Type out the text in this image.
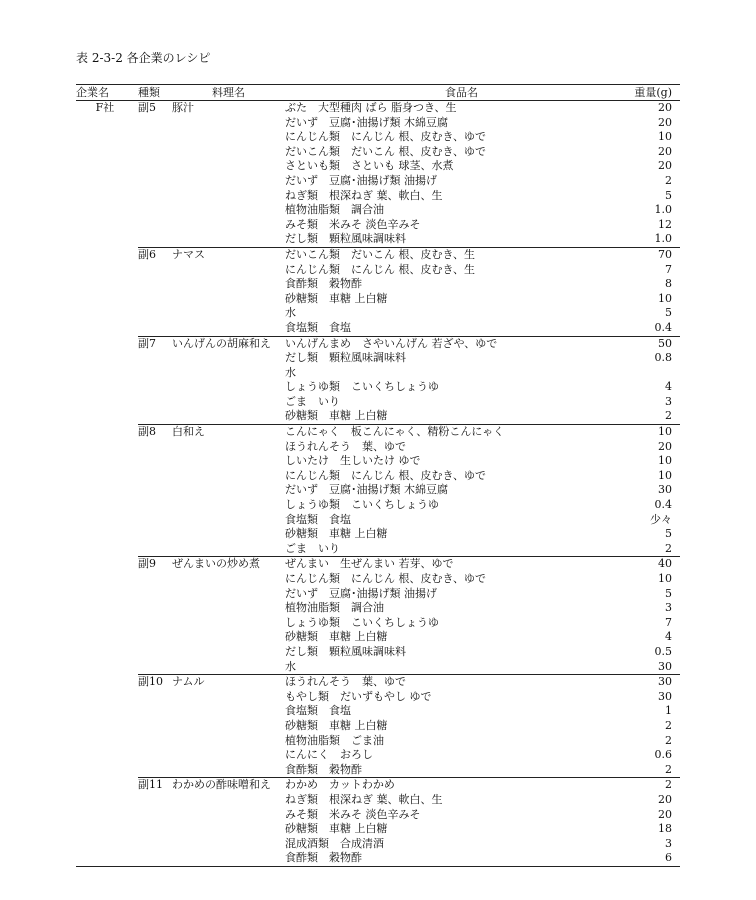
表 2-3-2 各企業のレシピ
企業名	種類	料理名	食品名	重量(g)
F社	副5	豚汁	ぶた　大型種肉 ばら 脂身つき、生	20
だいず　豆腐･油揚げ類 木綿豆腐	20
にんじん類　にんじん 根、皮むき、ゆで	10
だいこん類　だいこん 根、皮むき、ゆで	20
さといも類　さといも 球茎、水煮	20
だいず　豆腐･油揚げ類 油揚げ	2
ねぎ類　根深ねぎ 葉、軟白、生	5
植物油脂類　調合油	1.0
みそ類　米みそ 淡色辛みそ	12
だし類　顆粒風味調味料	1.0
副6	ナマス	だいこん類　だいこん 根、皮むき、生	70
にんじん類　にんじん 根、皮むき、生	7
食酢類　穀物酢	8
砂糖類　車糖 上白糖	10
水	5
食塩類　食塩	0.4
副7	いんげんの胡麻和え	いんげんまめ　さやいんげん 若ざや、ゆで	50
だし類　顆粒風味調味料	0.8
水
しょうゆ類　こいくちしょうゆ	4
ごま　いり	3
砂糖類　車糖 上白糖	2
副8	白和え	こんにゃく　板こんにゃく、精粉こんにゃく	10
ほうれんそう　葉、ゆで	20
しいたけ　生しいたけ ゆで	10
にんじん類　にんじん 根、皮むき、ゆで	10
だいず　豆腐･油揚げ類 木綿豆腐	30
しょうゆ類　こいくちしょうゆ	0.4
食塩類　食塩	少々
砂糖類　車糖 上白糖	5
ごま　いり	2
副9	ぜんまいの炒め煮	ぜんまい　生ぜんまい 若芽、ゆで	40
にんじん類　にんじん 根、皮むき、ゆで	10
だいず　豆腐･油揚げ類 油揚げ	5
植物油脂類　調合油	3
しょうゆ類　こいくちしょうゆ	7
砂糖類　車糖 上白糖	4
だし類　顆粒風味調味料	0.5
水	30
副10 ナムル	ほうれんそう　葉、ゆで	30
もやし類　だいずもやし ゆで	30
食塩類　食塩	1
砂糖類　車糖 上白糖	2
植物油脂類　ごま油	2
にんにく　おろし	0.6
食酢類　穀物酢	2
副11 わかめの酢味噌和え	わかめ　カットわかめ	2
ねぎ類　根深ねぎ 葉、軟白、生	20
みそ類　米みそ 淡色辛みそ	20
砂糖類　車糖 上白糖	18
混成酒類　合成清酒	3
食酢類　穀物酢	6
